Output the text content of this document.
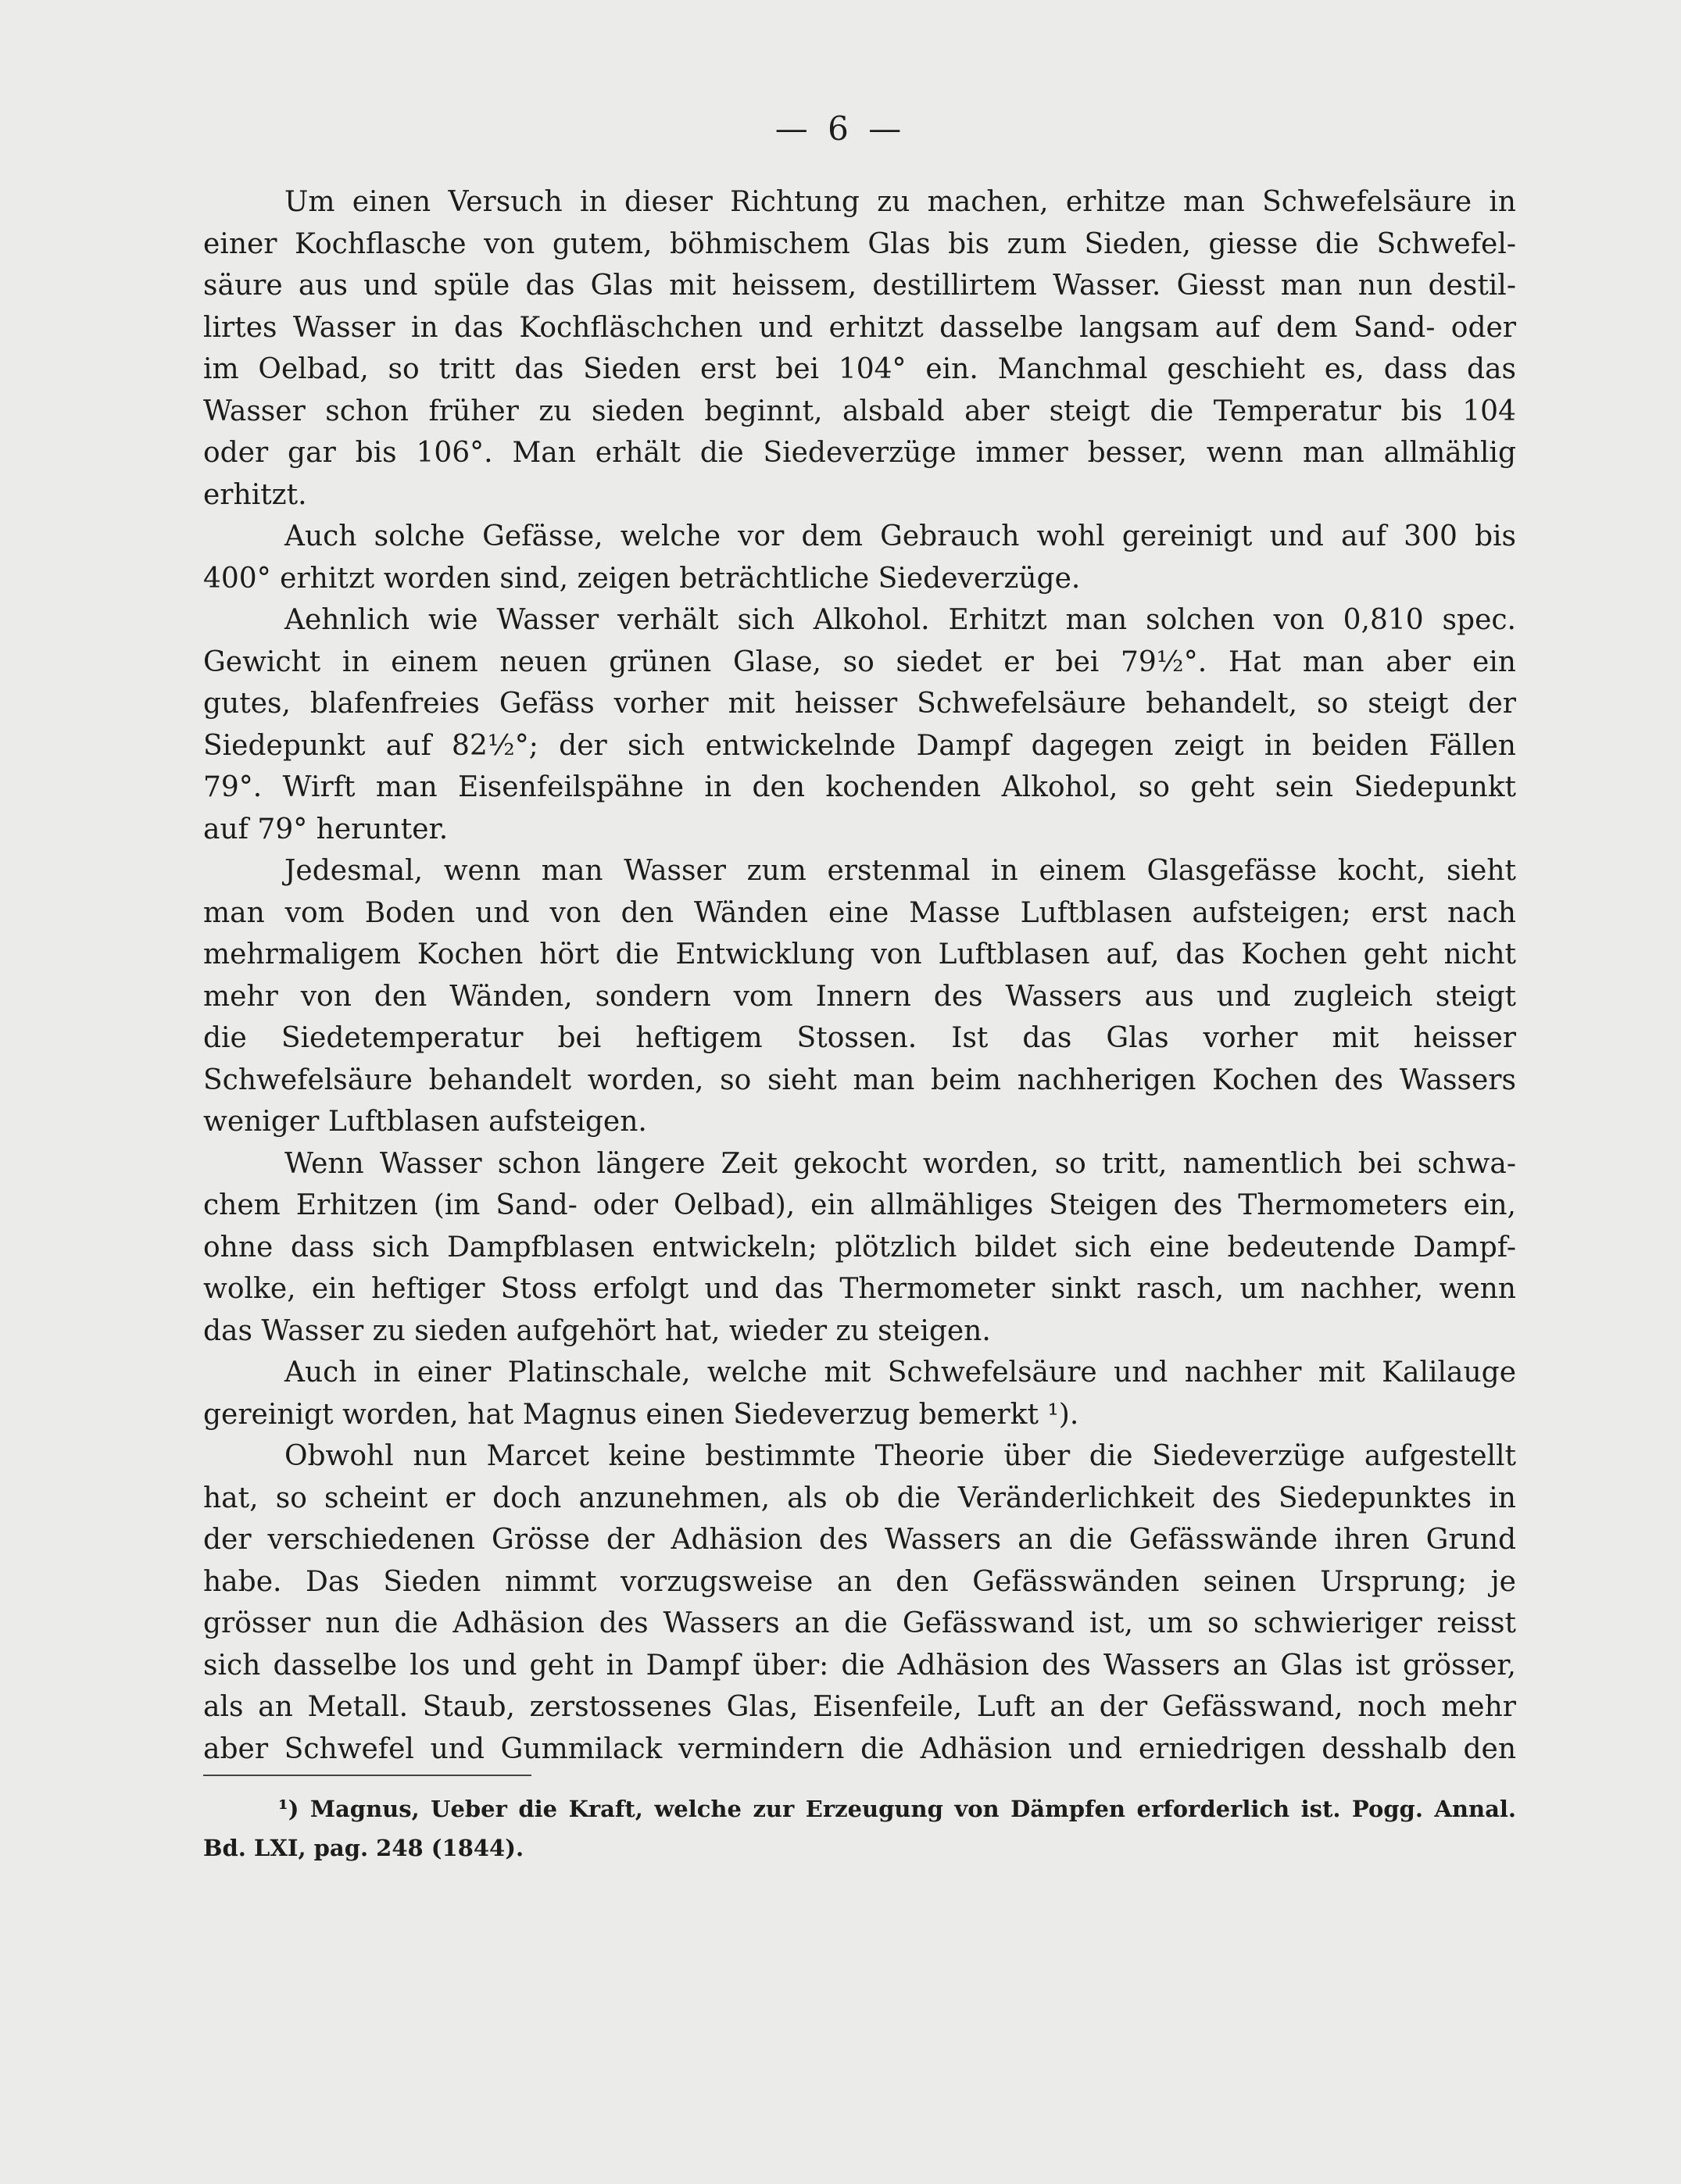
— 6 —
Um einen Versuch in dieser Richtung zu machen, erhitze man Schwefelsäure in
einer Kochflasche von gutem, böhmischem Glas bis zum Sieden, giesse die Schwefel-
säure aus und spüle das Glas mit heissem, destillirtem Wasser. Giesst man nun destil-
lirtes Wasser in das Kochfläschchen und erhitzt dasselbe langsam auf dem Sand- oder
im Oelbad, so tritt das Sieden erst bei 104° ein. Manchmal geschieht es, dass das
Wasser schon früher zu sieden beginnt, alsbald aber steigt die Temperatur bis 104
oder gar bis 106°. Man erhält die Siedeverzüge immer besser, wenn man allmählig
erhitzt.
Auch solche Gefässe, welche vor dem Gebrauch wohl gereinigt und auf 300 bis
400° erhitzt worden sind, zeigen beträchtliche Siedeverzüge.
Aehnlich wie Wasser verhält sich Alkohol. Erhitzt man solchen von 0,810 spec.
Gewicht in einem neuen grünen Glase, so siedet er bei 79½°. Hat man aber ein
gutes, blafenfreies Gefäss vorher mit heisser Schwefelsäure behandelt, so steigt der
Siedepunkt auf 82½°; der sich entwickelnde Dampf dagegen zeigt in beiden Fällen
79°. Wirft man Eisenfeilspähne in den kochenden Alkohol, so geht sein Siedepunkt
auf 79° herunter.
Jedesmal, wenn man Wasser zum erstenmal in einem Glasgefässe kocht, sieht
man vom Boden und von den Wänden eine Masse Luftblasen aufsteigen; erst nach
mehrmaligem Kochen hört die Entwicklung von Luftblasen auf, das Kochen geht nicht
mehr von den Wänden, sondern vom Innern des Wassers aus und zugleich steigt
die Siedetemperatur bei heftigem Stossen. Ist das Glas vorher mit heisser
Schwefelsäure behandelt worden, so sieht man beim nachherigen Kochen des Wassers
weniger Luftblasen aufsteigen.
Wenn Wasser schon längere Zeit gekocht worden, so tritt, namentlich bei schwa-
chem Erhitzen (im Sand- oder Oelbad), ein allmähliges Steigen des Thermometers ein,
ohne dass sich Dampfblasen entwickeln; plötzlich bildet sich eine bedeutende Dampf-
wolke, ein heftiger Stoss erfolgt und das Thermometer sinkt rasch, um nachher, wenn
das Wasser zu sieden aufgehört hat, wieder zu steigen.
Auch in einer Platinschale, welche mit Schwefelsäure und nachher mit Kalilauge
gereinigt worden, hat Magnus einen Siedeverzug bemerkt ¹).
Obwohl nun Marcet keine bestimmte Theorie über die Siedeverzüge aufgestellt
hat, so scheint er doch anzunehmen, als ob die Veränderlichkeit des Siedepunktes in
der verschiedenen Grösse der Adhäsion des Wassers an die Gefässwände ihren Grund
habe. Das Sieden nimmt vorzugsweise an den Gefässwänden seinen Ursprung; je
grösser nun die Adhäsion des Wassers an die Gefässwand ist, um so schwieriger reisst
sich dasselbe los und geht in Dampf über: die Adhäsion des Wassers an Glas ist grösser,
als an Metall. Staub, zerstossenes Glas, Eisenfeile, Luft an der Gefässwand, noch mehr
aber Schwefel und Gummilack vermindern die Adhäsion und erniedrigen desshalb den
¹) Magnus, Ueber die Kraft, welche zur Erzeugung von Dämpfen erforderlich ist. Pogg. Annal.
Bd. LXI, pag. 248 (1844).
